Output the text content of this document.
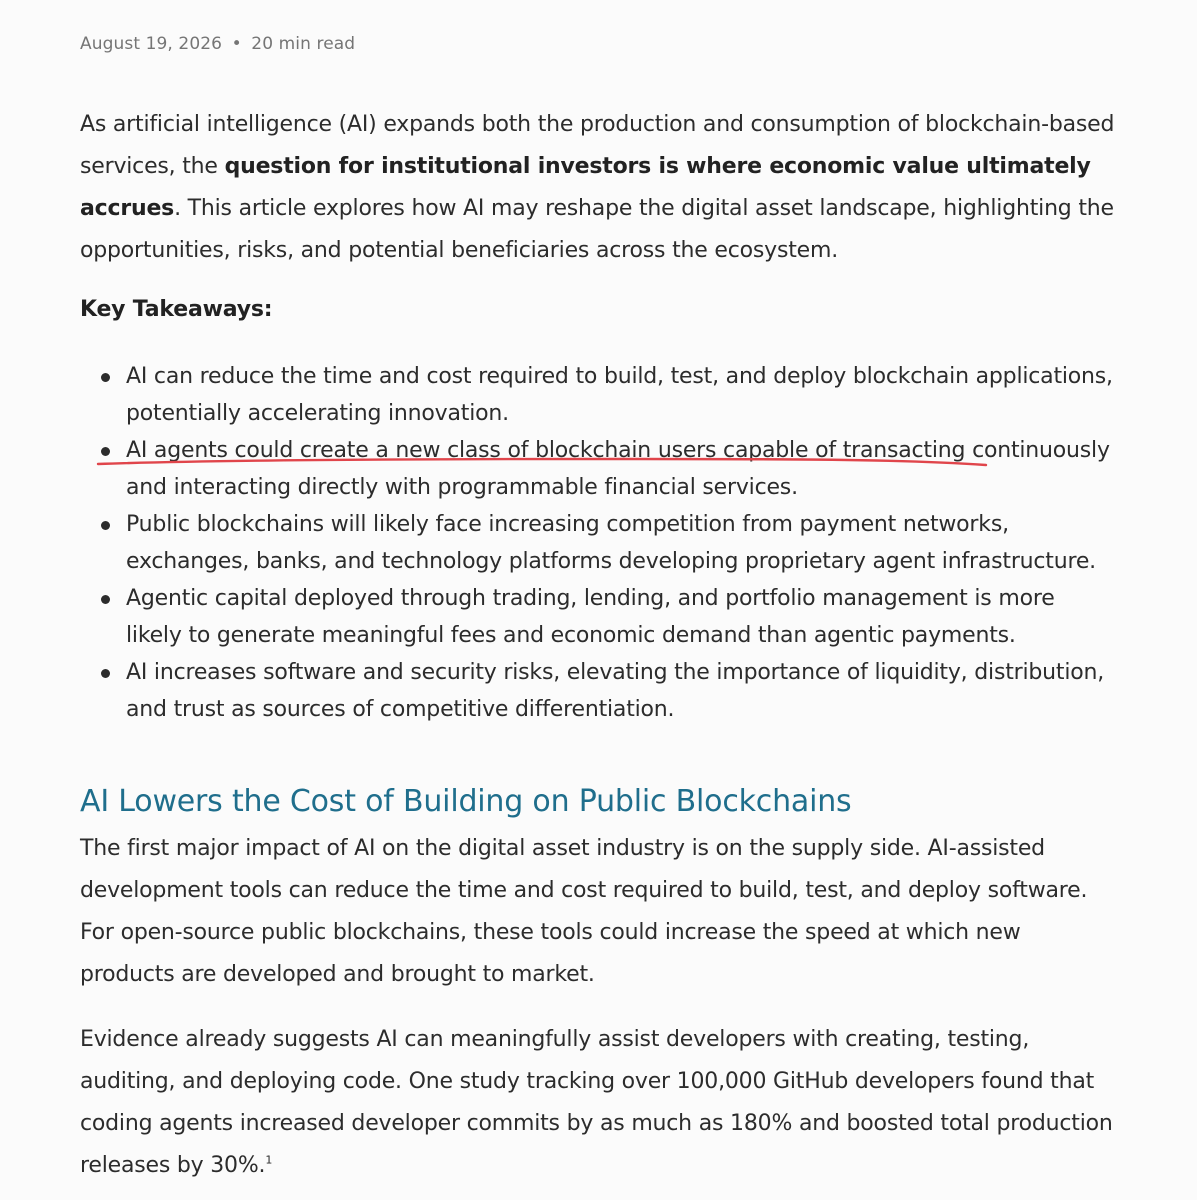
August 19, 2026 • 20 min read

As artificial intelligence (AI) expands both the production and consumption of blockchain-based services, the question for institutional investors is where economic value ultimately accrues. This article explores how AI may reshape the digital asset landscape, highlighting the opportunities, risks, and potential beneficiaries across the ecosystem.

Key Takeaways:
AI can reduce the time and cost required to build, test, and deploy blockchain applications, potentially accelerating innovation.
AI agents could create a new class of blockchain users capable of transacting continuously and interacting directly with programmable financial services.
Public blockchains will likely face increasing competition from payment networks, exchanges, banks, and technology platforms developing proprietary agent infrastructure.
Agentic capital deployed through trading, lending, and portfolio management is more likely to generate meaningful fees and economic demand than agentic payments.
AI increases software and security risks, elevating the importance of liquidity, distribution, and trust as sources of competitive differentiation.
AI Lowers the Cost of Building on Public Blockchains

The first major impact of AI on the digital asset industry is on the supply side. AI-assisted development tools can reduce the time and cost required to build, test, and deploy software. For open-source public blockchains, these tools could increase the speed at which new products are developed and brought to market.

Evidence already suggests AI can meaningfully assist developers with creating, testing, auditing, and deploying code. One study tracking over 100,000 GitHub developers found that coding agents increased developer commits by as much as 180% and boosted total production releases by 30%.$^1$
